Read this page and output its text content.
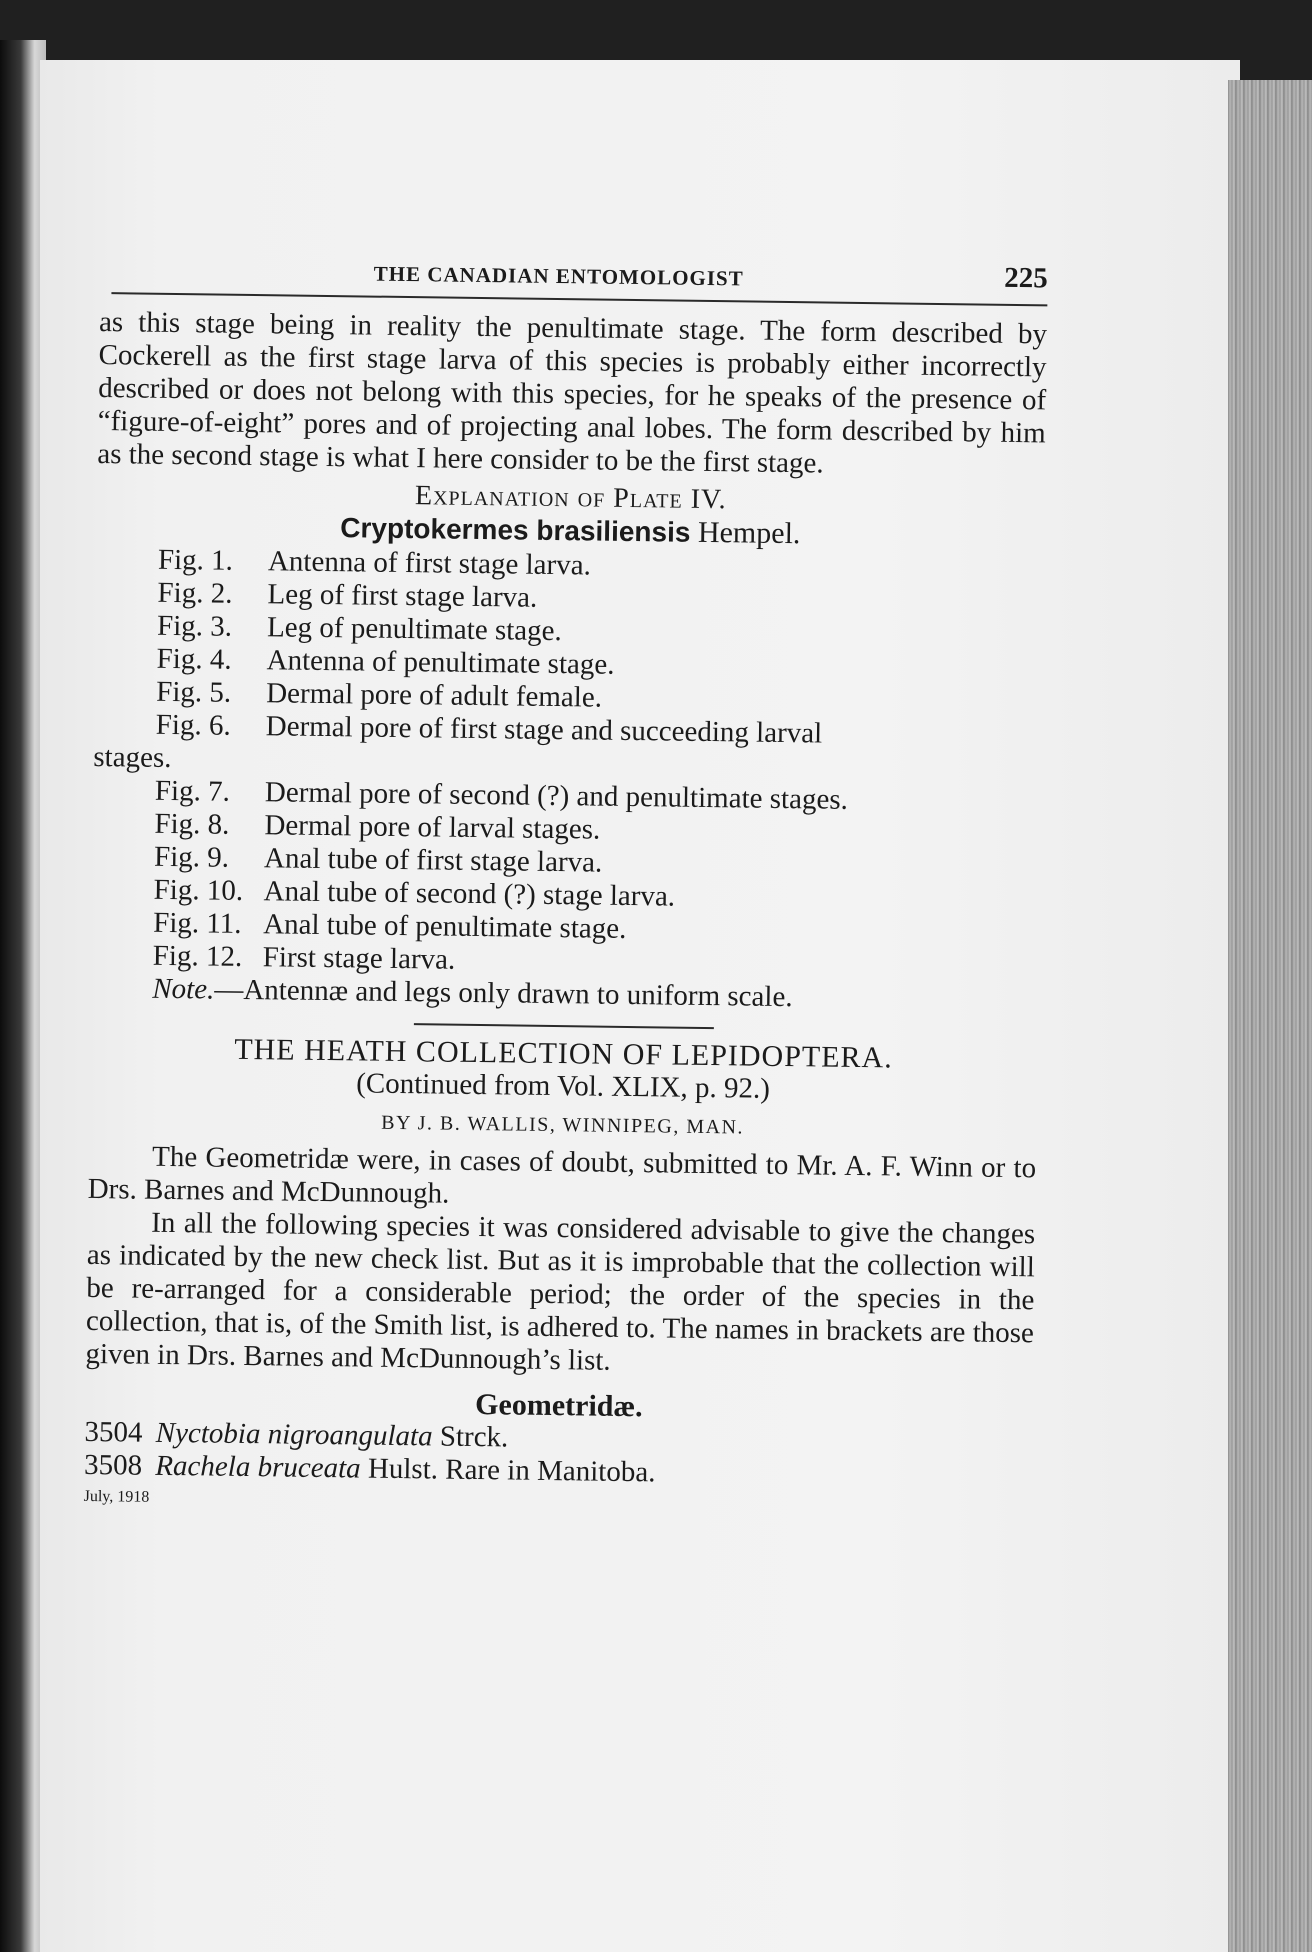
THE CANADIAN ENTOMOLOGIST	225

as this stage being in reality the penultimate stage. The form described by Cockerell as the first stage larva of this species is probably either incorrectly described or does not belong with this species, for he speaks of the presence of “figure-of-eight” pores and of projecting anal lobes. The form described by him as the second stage is what I here consider to be the first stage.

Explanation of Plate IV.
Cryptokermes brasiliensis Hempel.
Fig. 1. Antenna of first stage larva.
Fig. 2. Leg of first stage larva.
Fig. 3. Leg of penultimate stage.
Fig. 4. Antenna of penultimate stage.
Fig. 5. Dermal pore of adult female.
Fig. 6. Dermal pore of first stage and succeeding larval
stages.
Fig. 7. Dermal pore of second (?) and penultimate stages.
Fig. 8. Dermal pore of larval stages.
Fig. 9. Anal tube of first stage larva.
Fig. 10. Anal tube of second (?) stage larva.
Fig. 11. Anal tube of penultimate stage.
Fig. 12. First stage larva.
Note.—Antennæ and legs only drawn to uniform scale.
THE HEATH COLLECTION OF LEPIDOPTERA.
(Continued from Vol. XLIX, p. 92.)
BY J. B. WALLIS, WINNIPEG, MAN.

The Geometridæ were, in cases of doubt, submitted to Mr. A. F. Winn or to Drs. Barnes and McDunnough.

In all the following species it was considered advisable to give the changes as indicated by the new check list. But as it is improbable that the collection will be re-arranged for a considerable period; the order of the species in the collection, that is, of the Smith list, is adhered to. The names in brackets are those given in Drs. Barnes and McDunnough’s list.

Geometridæ.
3504 Nyctobia nigroangulata Strck.
3508 Rachela bruceata Hulst. Rare in Manitoba.
July, 1918
